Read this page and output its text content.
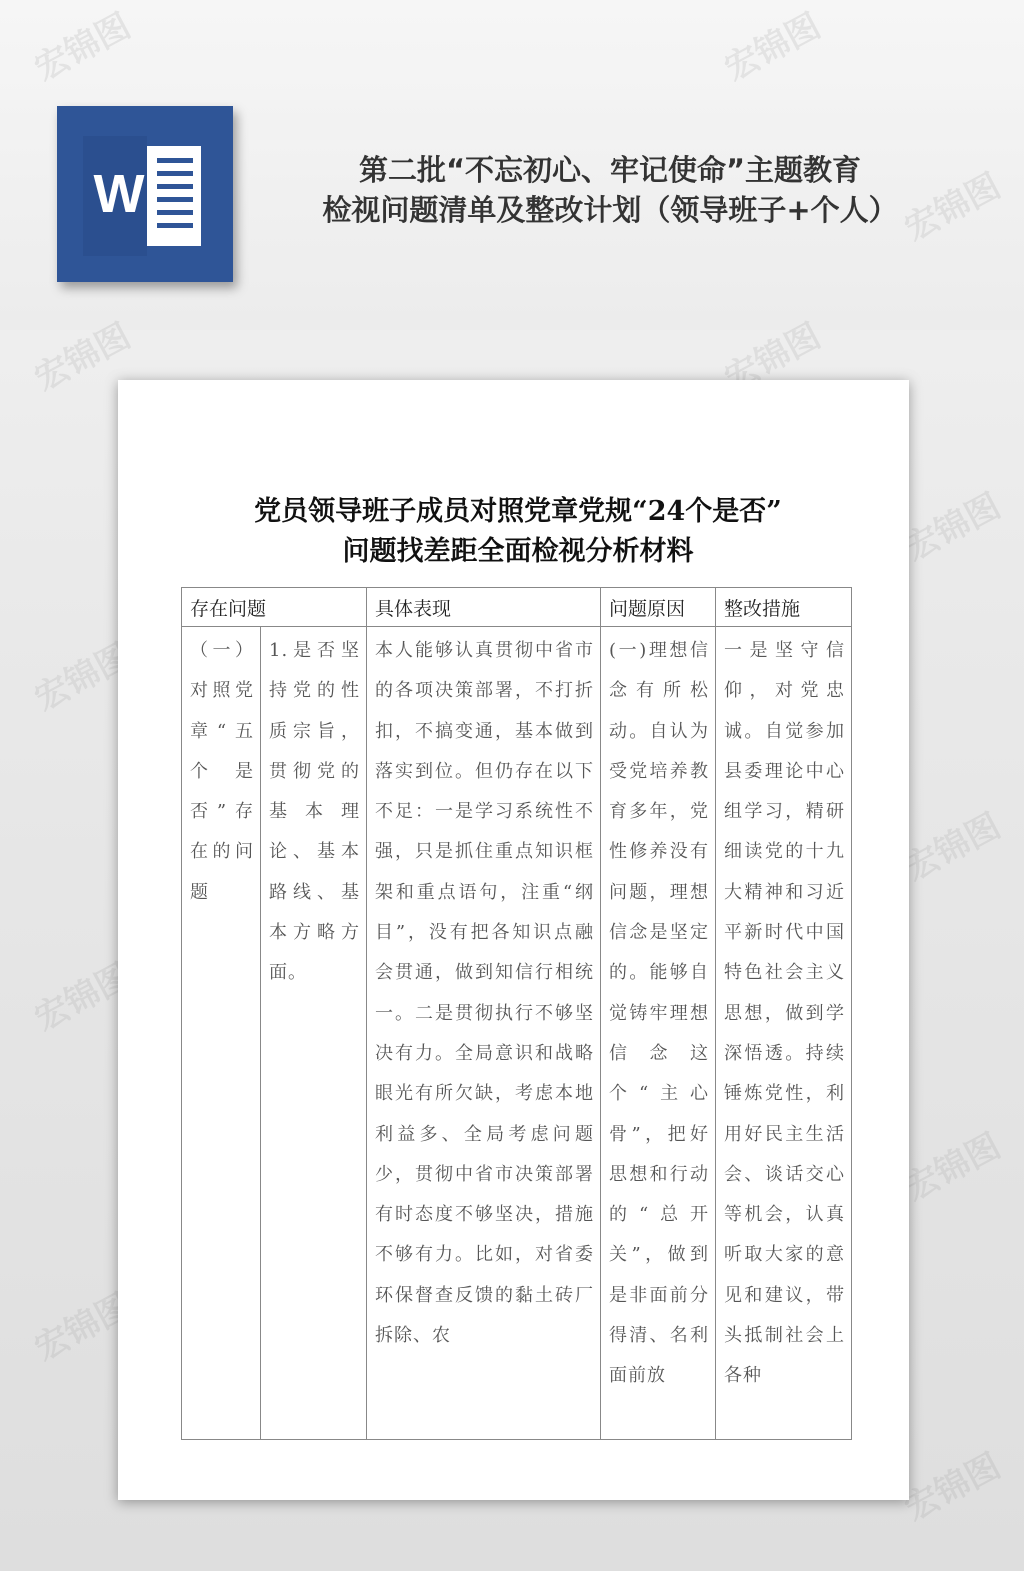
宏锦图	宏锦图
宏锦图
宏锦图
宏锦图
宏锦图
宏锦图
宏锦图
宏锦图
W	第二批“不忘初心、牢记使命”主题教育
检视问题清单及整改计划（领导班子+个人）
党员领导班子成员对照党章党规“24个是否”
问题找差距全面检视分析材料
存在问题		具体表现	问题原因	整改措施
（一）对照党章“五个是否”存在的问题	1.是否坚持党的性质宗旨，贯彻党的基本理论、基本路线、基本方略方面。	本人能够认真贯彻中省市的各项决策部署，不打折扣，不搞变通，基本做到落实到位。但仍存在以下不足：一是学习系统性不强，只是抓住重点知识框架和重点语句，注重“纲目”，没有把各知识点融会贯通，做到知信行相统一。二是贯彻执行不够坚决有力。全局意识和战略眼光有所欠缺，考虑本地利益多、全局考虑问题少，贯彻中省市决策部署有时态度不够坚决，措施不够有力。比如，对省委环保督查反馈的黏土砖厂拆除、农	(一)理想信念有所松动。自认为受党培养教育多年，党性修养没有问题，理想信念是坚定的。能够自觉铸牢理想信念这个“主心骨”，把好思想和行动的“总开关”，做到是非面前分得清、名利面前放	一是坚守信仰，对党忠诚。自觉参加县委理论中心组学习，精研细读党的十九大精神和习近平新时代中国特色社会主义思想，做到学深悟透。持续锤炼党性，利用好民主生活会、谈话交心等机会，认真听取大家的意见和建议，带头抵制社会上各种
